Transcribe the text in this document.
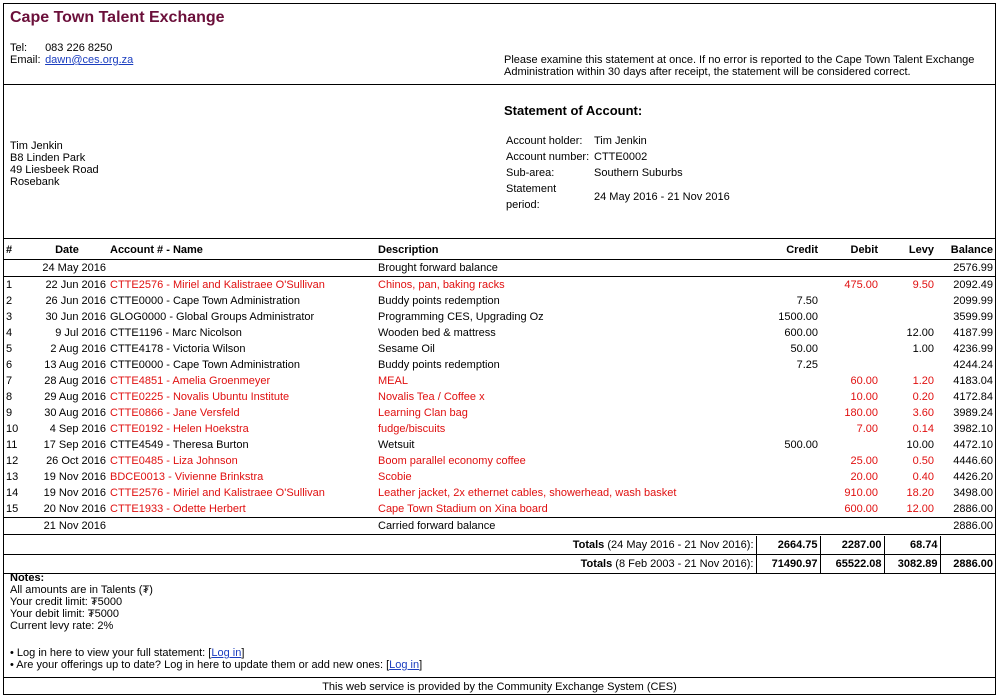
Cape Town Talent Exchange
Tel: 083 226 8250
Email: dawn@ces.org.za	Please examine this statement at once. If no error is reported to the Cape Town Talent Exchange Administration within 30 days after receipt, the statement will be considered correct.
Tim Jenkin
B8 Linden Park
49 Liesbeek Road
Rosebank
Statement of Account:
Account holder:	Tim Jenkin
Account number:	CTTE0002
Sub-area:	Southern Suburbs
Statement period:	24 May 2016 - 21 Nov 2016
#	Date	Account # - Name	Description	Credit	Debit	Levy	Balance
	24 May 2016		Brought forward balance				2576.99
1	22 Jun 2016	CTTE2576 - Miriel and Kalistraee O'Sullivan	Chinos, pan, baking racks		475.00	9.50	2092.49
2	26 Jun 2016	CTTE0000 - Cape Town Administration	Buddy points redemption	7.50			2099.99
3	30 Jun 2016	GLOG0000 - Global Groups Administrator	Programming CES, Upgrading Oz	1500.00			3599.99
4	9 Jul 2016	CTTE1196 - Marc Nicolson	Wooden bed & mattress	600.00		12.00	4187.99
5	2 Aug 2016	CTTE4178 - Victoria Wilson	Sesame Oil	50.00		1.00	4236.99
6	13 Aug 2016	CTTE0000 - Cape Town Administration	Buddy points redemption	7.25			4244.24
7	28 Aug 2016	CTTE4851 - Amelia Groenmeyer	MEAL		60.00	1.20	4183.04
8	29 Aug 2016	CTTE0225 - Novalis Ubuntu Institute	Novalis Tea / Coffee x		10.00	0.20	4172.84
9	30 Aug 2016	CTTE0866 - Jane Versfeld	Learning Clan bag		180.00	3.60	3989.24
10	4 Sep 2016	CTTE0192 - Helen Hoekstra	fudge/biscuits		7.00	0.14	3982.10
11	17 Sep 2016	CTTE4549 - Theresa Burton	Wetsuit	500.00		10.00	4472.10
12	26 Oct 2016	CTTE0485 - Liza Johnson	Boom parallel economy coffee		25.00	0.50	4446.60
13	19 Nov 2016	BDCE0013 - Vivienne Brinkstra	Scobie		20.00	0.40	4426.20
14	19 Nov 2016	CTTE2576 - Miriel and Kalistraee O'Sullivan	Leather jacket, 2x ethernet cables, showerhead, wash basket		910.00	18.20	3498.00
15	20 Nov 2016	CTTE1933 - Odette Herbert	Cape Town Stadium on Xina board		600.00	12.00	2886.00
	21 Nov 2016		Carried forward balance				2886.00
Totals (24 May 2016 - 21 Nov 2016):	2664.75	2287.00	68.74	
Totals (8 Feb 2003 - 21 Nov 2016):	71490.97	65522.08	3082.89	2886.00
Notes:
All amounts are in Talents (₮)
Your credit limit: ₮5000
Your debit limit: ₮5000
Current levy rate: 2%
• Log in here to view your full statement: [Log in]
• Are your offerings up to date? Log in here to update them or add new ones: [Log in]
This web service is provided by the Community Exchange System (CES)
